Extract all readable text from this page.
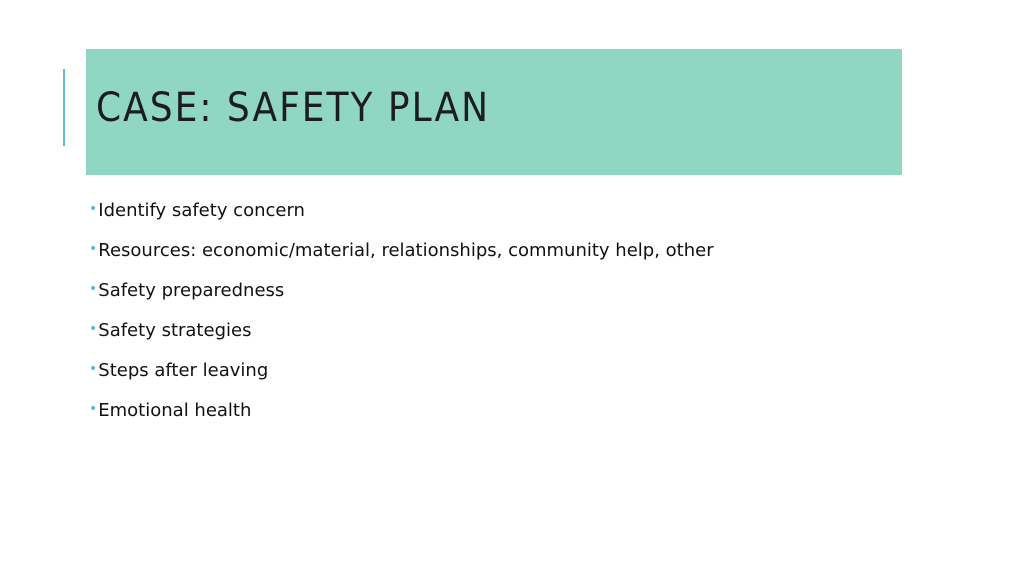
CASE: SAFETY PLAN
•Identify safety concern
•Resources: economic/material, relationships, community help, other
•Safety preparedness
•Safety strategies
•Steps after leaving
•Emotional health
